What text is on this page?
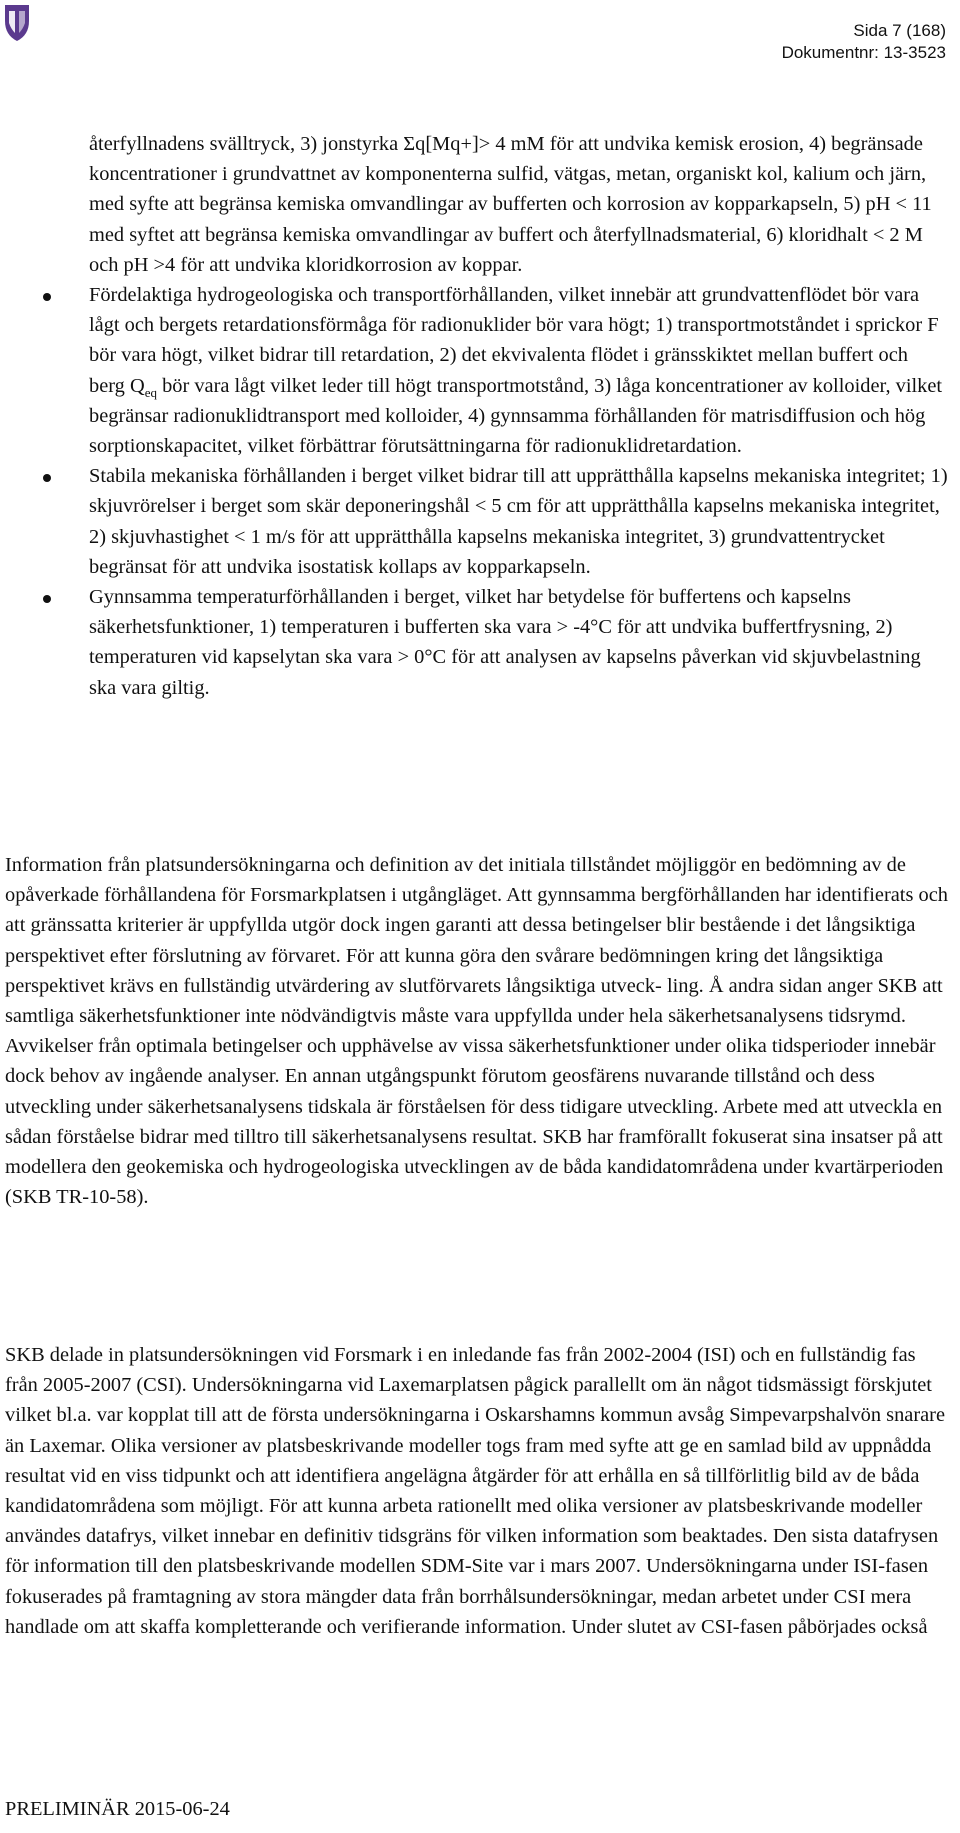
Sida 7 (168)
Dokumentnr: 13-3523
återfyllnadens svälltryck, 3) jonstyrka Σq[Mq+]> 4 mM för att undvika kemisk erosion, 4) begränsade koncentrationer i grundvattnet av komponenterna sulfid, vätgas, metan, organiskt kol, kalium och järn, med syfte att begränsa kemiska omvandlingar av bufferten och korrosion av kopparkapseln, 5) pH < 11 med syftet att begränsa kemiska omvandlingar av buffert och återfyllnadsmaterial, 6) kloridhalt < 2 M och pH >4 för att undvika kloridkorrosion av koppar.
Fördelaktiga hydrogeologiska och transportförhållanden, vilket innebär att grundvattenflödet bör vara lågt och bergets retardationsförmåga för radionuklider bör vara högt; 1) transportmotståndet i sprickor F bör vara högt, vilket bidrar till retardation, 2) det ekvivalenta flödet i gränsskiktet mellan buffert och berg $Q_{eq}$ bör vara lågt vilket leder till högt transportmotstånd, 3) låga koncentrationer av kolloider, vilket begränsar radionuklidtransport med kolloider, 4) gynnsamma förhållanden för matrisdiffusion och hög sorptionskapacitet, vilket förbättrar förutsättningarna för radionuklidretardation.
Stabila mekaniska förhållanden i berget vilket bidrar till att upprätthålla kapselns mekaniska integritet; 1) skjuvrörelser i berget som skär deponeringshål < 5 cm för att upprätthålla kapselns mekaniska integritet, 2) skjuvhastighet < 1 m/s för att upprätthålla kapselns mekaniska integritet, 3) grundvattentrycket begränsat för att undvika isostatisk kollaps av kopparkapseln.
Gynnsamma temperaturförhållanden i berget, vilket har betydelse för buffertens och kapselns säkerhetsfunktioner, 1) temperaturen i bufferten ska vara > -4°C för att undvika buffertfrysning, 2) temperaturen vid kapselytan ska vara > 0°C för att analysen av kapselns påverkan vid skjuvbelastning ska vara giltig.

Information från platsundersökningarna och definition av det initiala tillståndet möjliggör en bedömning av de opåverkade förhållandena för Forsmarkplatsen i utgångläget. Att gynnsamma bergförhållanden har identifierats och att gränssatta kriterier är uppfyllda utgör dock ingen garanti att dessa betingelser blir bestående i det långsiktiga perspektivet efter förslutning av förvaret. För att kunna göra den svårare bedömningen kring det långsiktiga perspektivet krävs en fullständig utvärdering av slutförvarets långsiktiga utveck- ling. Å andra sidan anger SKB att samtliga säkerhetsfunktioner inte nödvändigtvis måste vara uppfyllda under hela säkerhetsanalysens tidsrymd. Avvikelser från optimala betingelser och upphävelse av vissa säkerhetsfunktioner under olika tidsperioder innebär dock behov av ingående analyser. En annan utgångspunkt förutom geosfärens nuvarande tillstånd och dess utveckling under säkerhetsanalysens tidskala är förståelsen för dess tidigare utveckling. Arbete med att utveckla en sådan förståelse bidrar med tilltro till säkerhetsanalysens resultat. SKB har framförallt fokuserat sina insatser på att modellera den geokemiska och hydrogeologiska utvecklingen av de båda kandidatområdena under kvartärperioden (SKB TR-10-58).

SKB delade in platsundersökningen vid Forsmark i en inledande fas från 2002-2004 (ISI) och en fullständig fas från 2005-2007 (CSI). Undersökningarna vid Laxemarplatsen pågick parallellt om än något tidsmässigt förskjutet vilket bl.a. var kopplat till att de första undersökningarna i Oskarshamns kommun avsåg Simpevarpshalvön snarare än Laxemar. Olika versioner av platsbeskrivande modeller togs fram med syfte att ge en samlad bild av uppnådda resultat vid en viss tidpunkt och att identifiera angelägna åtgärder för att erhålla en så tillförlitlig bild av de båda kandidatområdena som möjligt. För att kunna arbeta rationellt med olika versioner av platsbeskrivande modeller användes datafrys, vilket innebar en definitiv tidsgräns för vilken information som beaktades. Den sista datafrysen för information till den platsbeskrivande modellen SDM-Site var i mars 2007. Undersökningarna under ISI-fasen fokuserades på framtagning av stora mängder data från borrhålsundersökningar, medan arbetet under CSI mera handlade om att skaffa kompletterande och verifierande information. Under slutet av CSI-fasen påbörjades också

PRELIMINÄR 2015-06-24
